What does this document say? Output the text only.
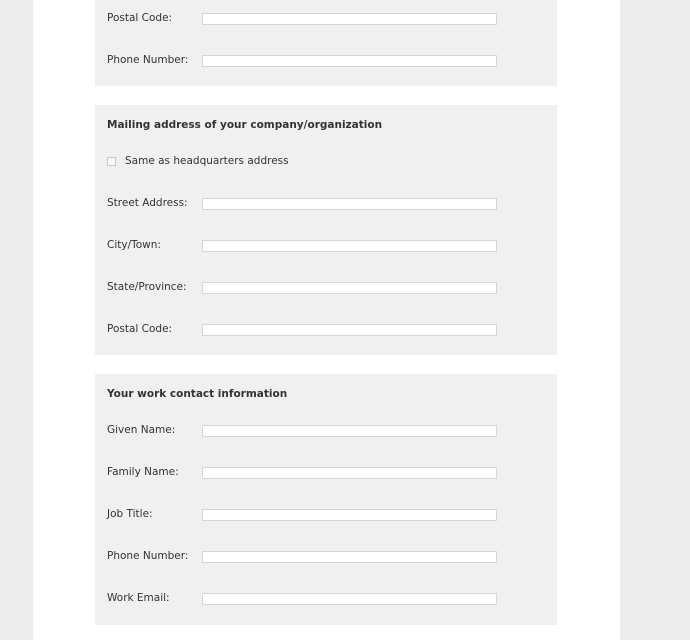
Postal Code:
Phone Number:
Mailing address of your company/organization
Same as headquarters address
Street Address:
City/Town:
State/Province:
Postal Code:
Your work contact information
Given Name:
Family Name:
Job Title:
Phone Number:
Work Email:
